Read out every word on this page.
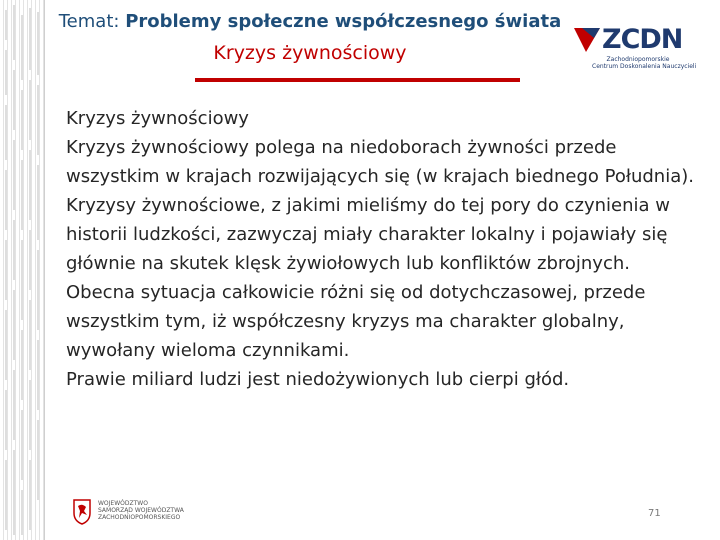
Temat: Problemy społeczne współczesnego świata
Kryzys żywnościowy	ZCDN
Zachodniopomorskie
Centrum Doskonalenia Nauczycieli

Kryzys żywnościowy

Kryzys żywnościowy polega na niedoborach żywności przede wszystkim w krajach rozwijających się (w krajach biednego Południa).

Kryzysy żywnościowe, z jakimi mieliśmy do tej pory do czynienia w historii ludzkości, zazwyczaj miały charakter lokalny i pojawiały się głównie na skutek klęsk żywiołowych lub konfliktów zbrojnych.

Obecna sytuacja całkowicie różni się od dotychczasowej, przede wszystkim tym, iż współczesny kryzys ma charakter globalny, wywołany wieloma czynnikami.

Prawie miliard ludzi jest niedożywionych lub cierpi głód.

WOJEWÓDZTWO
SAMORZĄD WOJEWÓDZTWA
ZACHODNIOPOMORSKIEGO	71
